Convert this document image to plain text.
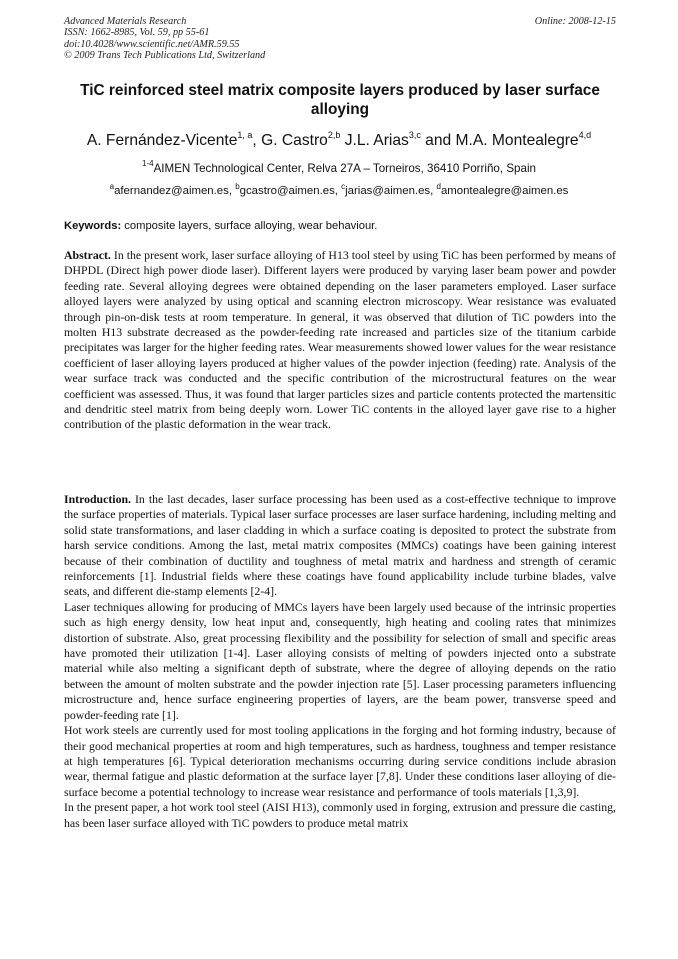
Advanced Materials Research
ISSN: 1662-8985, Vol. 59, pp 55-61
doi:10.4028/www.scientific.net/AMR.59.55
© 2009 Trans Tech Publications Ltd, Switzerland
Online: 2008-12-15
TiC reinforced steel matrix composite layers produced by laser surface alloying
A. Fernández-Vicente$^{1, a}$, G. Castro$^{2,b}$ J.L. Arias$^{3,c}$ and M.A. Montealegre$^{4,d}$
$^{1-4}$AIMEN Technological Center, Relva 27A – Torneiros, 36410 Porriño, Spain
$^a$afernandez@aimen.es, $^b$gcastro@aimen.es, $^c$jarias@aimen.es, $^d$amontealegre@aimen.es
Keywords: composite layers, surface alloying, wear behaviour.

Abstract. In the present work, laser surface alloying of H13 tool steel by using TiC has been performed by means of DHPDL (Direct high power diode laser). Different layers were produced by varying laser beam power and powder feeding rate. Several alloying degrees were obtained depending on the laser parameters employed. Laser surface alloyed layers were analyzed by using optical and scanning electron microscopy. Wear resistance was evaluated through pin-on-disk tests at room temperature. In general, it was observed that dilution of TiC powders into the molten H13 substrate decreased as the powder-feeding rate increased and particles size of the titanium carbide precipitates was larger for the higher feeding rates. Wear measurements showed lower values for the wear resistance coefficient of laser alloying layers produced at higher values of the powder injection (feeding) rate. Analysis of the wear surface track was conducted and the specific contribution of the microstructural features on the wear coefficient was assessed. Thus, it was found that larger particles sizes and particle contents protected the martensitic and dendritic steel matrix from being deeply worn. Lower TiC contents in the alloyed layer gave rise to a higher contribution of the plastic deformation in the wear track.

Introduction. In the last decades, laser surface processing has been used as a cost-effective technique to improve the surface properties of materials. Typical laser surface processes are laser surface hardening, including melting and solid state transformations, and laser cladding in which a surface coating is deposited to protect the substrate from harsh service conditions. Among the last, metal matrix composites (MMCs) coatings have been gaining interest because of their combination of ductility and toughness of metal matrix and hardness and strength of ceramic reinforcements [1]. Industrial fields where these coatings have found applicability include turbine blades, valve seats, and different die-stamp elements [2-4].

Laser techniques allowing for producing of MMCs layers have been largely used because of the intrinsic properties such as high energy density, low heat input and, consequently, high heating and cooling rates that minimizes distortion of substrate. Also, great processing flexibility and the possibility for selection of small and specific areas have promoted their utilization [1-4]. Laser alloying consists of melting of powders injected onto a substrate material while also melting a significant depth of substrate, where the degree of alloying depends on the ratio between the amount of molten substrate and the powder injection rate [5]. Laser processing parameters influencing microstructure and, hence surface engineering properties of layers, are the beam power, transverse speed and powder-feeding rate [1].

Hot work steels are currently used for most tooling applications in the forging and hot forming industry, because of their good mechanical properties at room and high temperatures, such as hardness, toughness and temper resistance at high temperatures [6]. Typical deterioration mechanisms occurring during service conditions include abrasion wear, thermal fatigue and plastic deformation at the surface layer [7,8]. Under these conditions laser alloying of die-surface become a potential technology to increase wear resistance and performance of tools materials [1,3,9].

In the present paper, a hot work tool steel (AISI H13), commonly used in forging, extrusion and pressure die casting, has been laser surface alloyed with TiC powders to produce metal matrix
